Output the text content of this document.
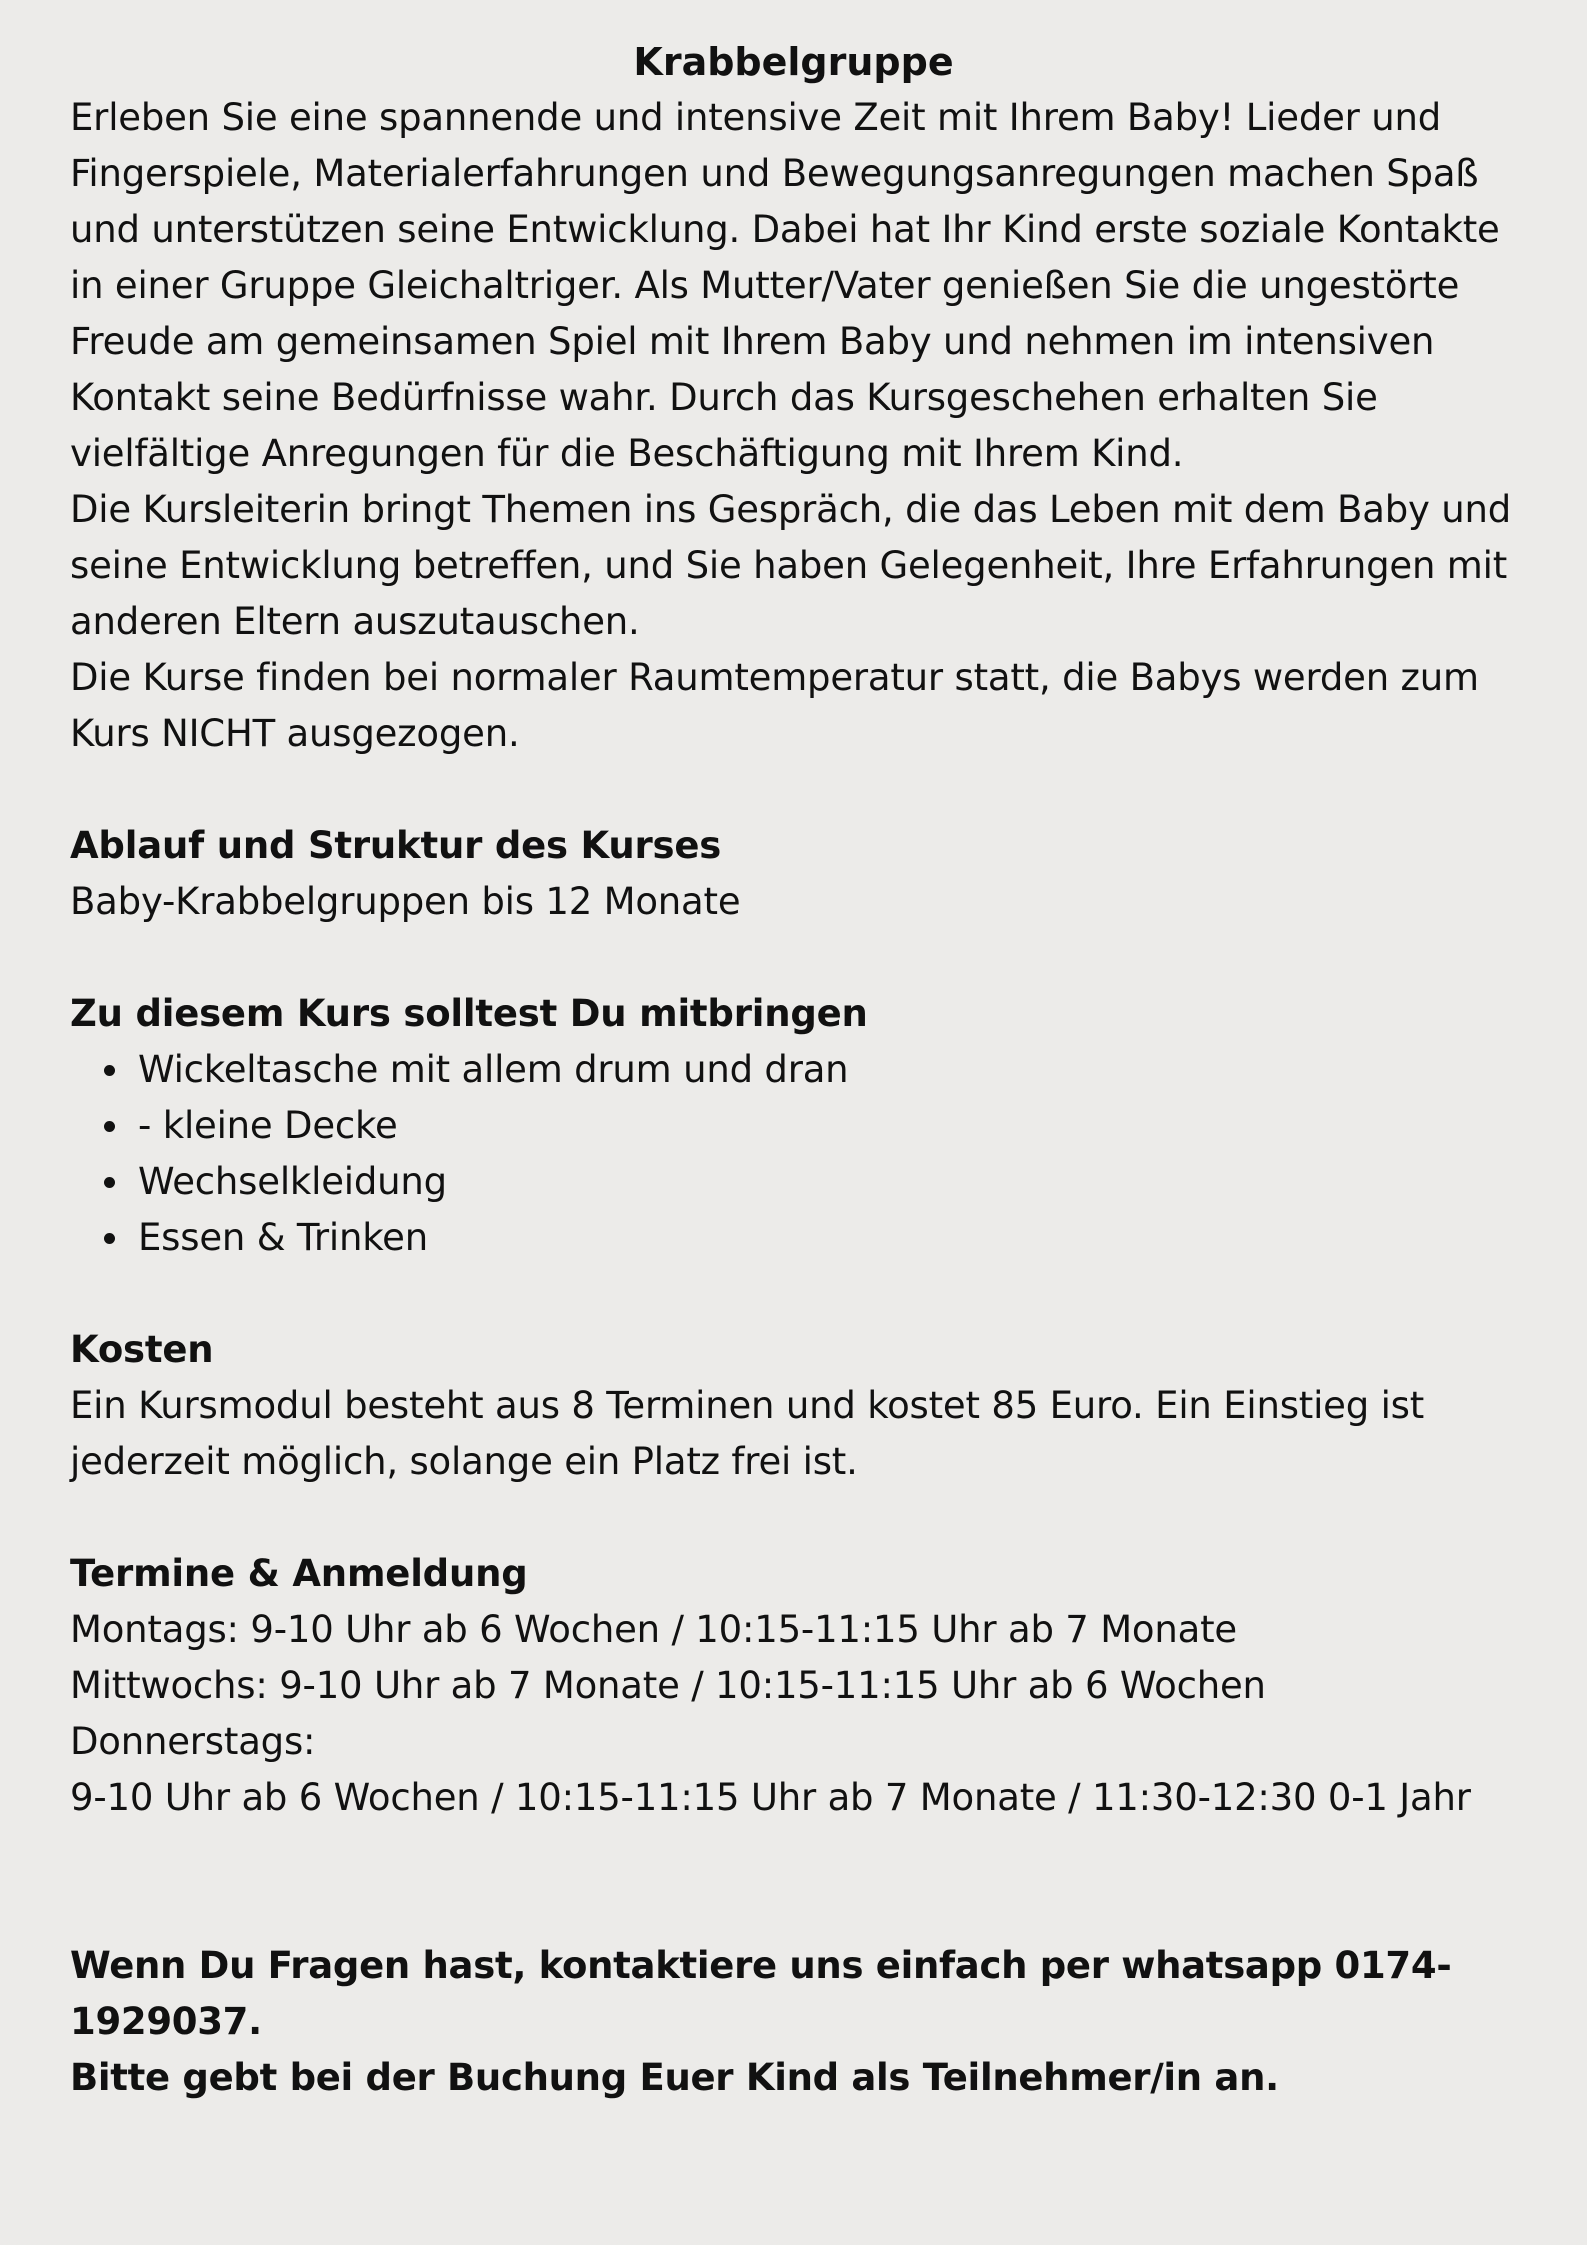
Krabbelgruppe

Erleben Sie eine spannende und intensive Zeit mit Ihrem Baby! Lieder und Fingerspiele, Materialerfahrungen und Bewegungsanregungen machen Spaß und unterstützen seine Entwicklung. Dabei hat Ihr Kind erste soziale Kontakte in einer Gruppe Gleichaltriger. Als Mutter/Vater genießen Sie die ungestörte Freude am gemeinsamen Spiel mit Ihrem Baby und nehmen im intensiven Kontakt seine Bedürfnisse wahr. Durch das Kursgeschehen erhalten Sie vielfältige Anregungen für die Beschäftigung mit Ihrem Kind.

Die Kursleiterin bringt Themen ins Gespräch, die das Leben mit dem Baby und seine Entwicklung betreffen, und Sie haben Gelegenheit, Ihre Erfahrungen mit anderen Eltern auszutauschen.

Die Kurse finden bei normaler Raumtemperatur statt, die Babys werden zum Kurs NICHT ausgezogen.

Ablauf und Struktur des Kurses

Baby-Krabbelgruppen bis 12 Monate

Zu diesem Kurs solltest Du mitbringen

Wickeltasche mit allem drum und dran
- kleine Decke
Wechselkleidung
Essen & Trinken

Kosten

Ein Kursmodul besteht aus 8 Terminen und kostet 85 Euro. Ein Einstieg ist jederzeit möglich, solange ein Platz frei ist.

Termine & Anmeldung

Montags: 9-10 Uhr ab 6 Wochen / 10:15-11:15 Uhr ab 7 Monate

Mittwochs: 9-10 Uhr ab 7 Monate / 10:15-11:15 Uhr ab 6 Wochen

Donnerstags:

9-10 Uhr ab 6 Wochen / 10:15-11:15 Uhr ab 7 Monate / 11:30-12:30 0-1 Jahr

Wenn Du Fragen hast, kontaktiere uns einfach per whatsapp 0174-1929037.

Bitte gebt bei der Buchung Euer Kind als Teilnehmer/in an.
